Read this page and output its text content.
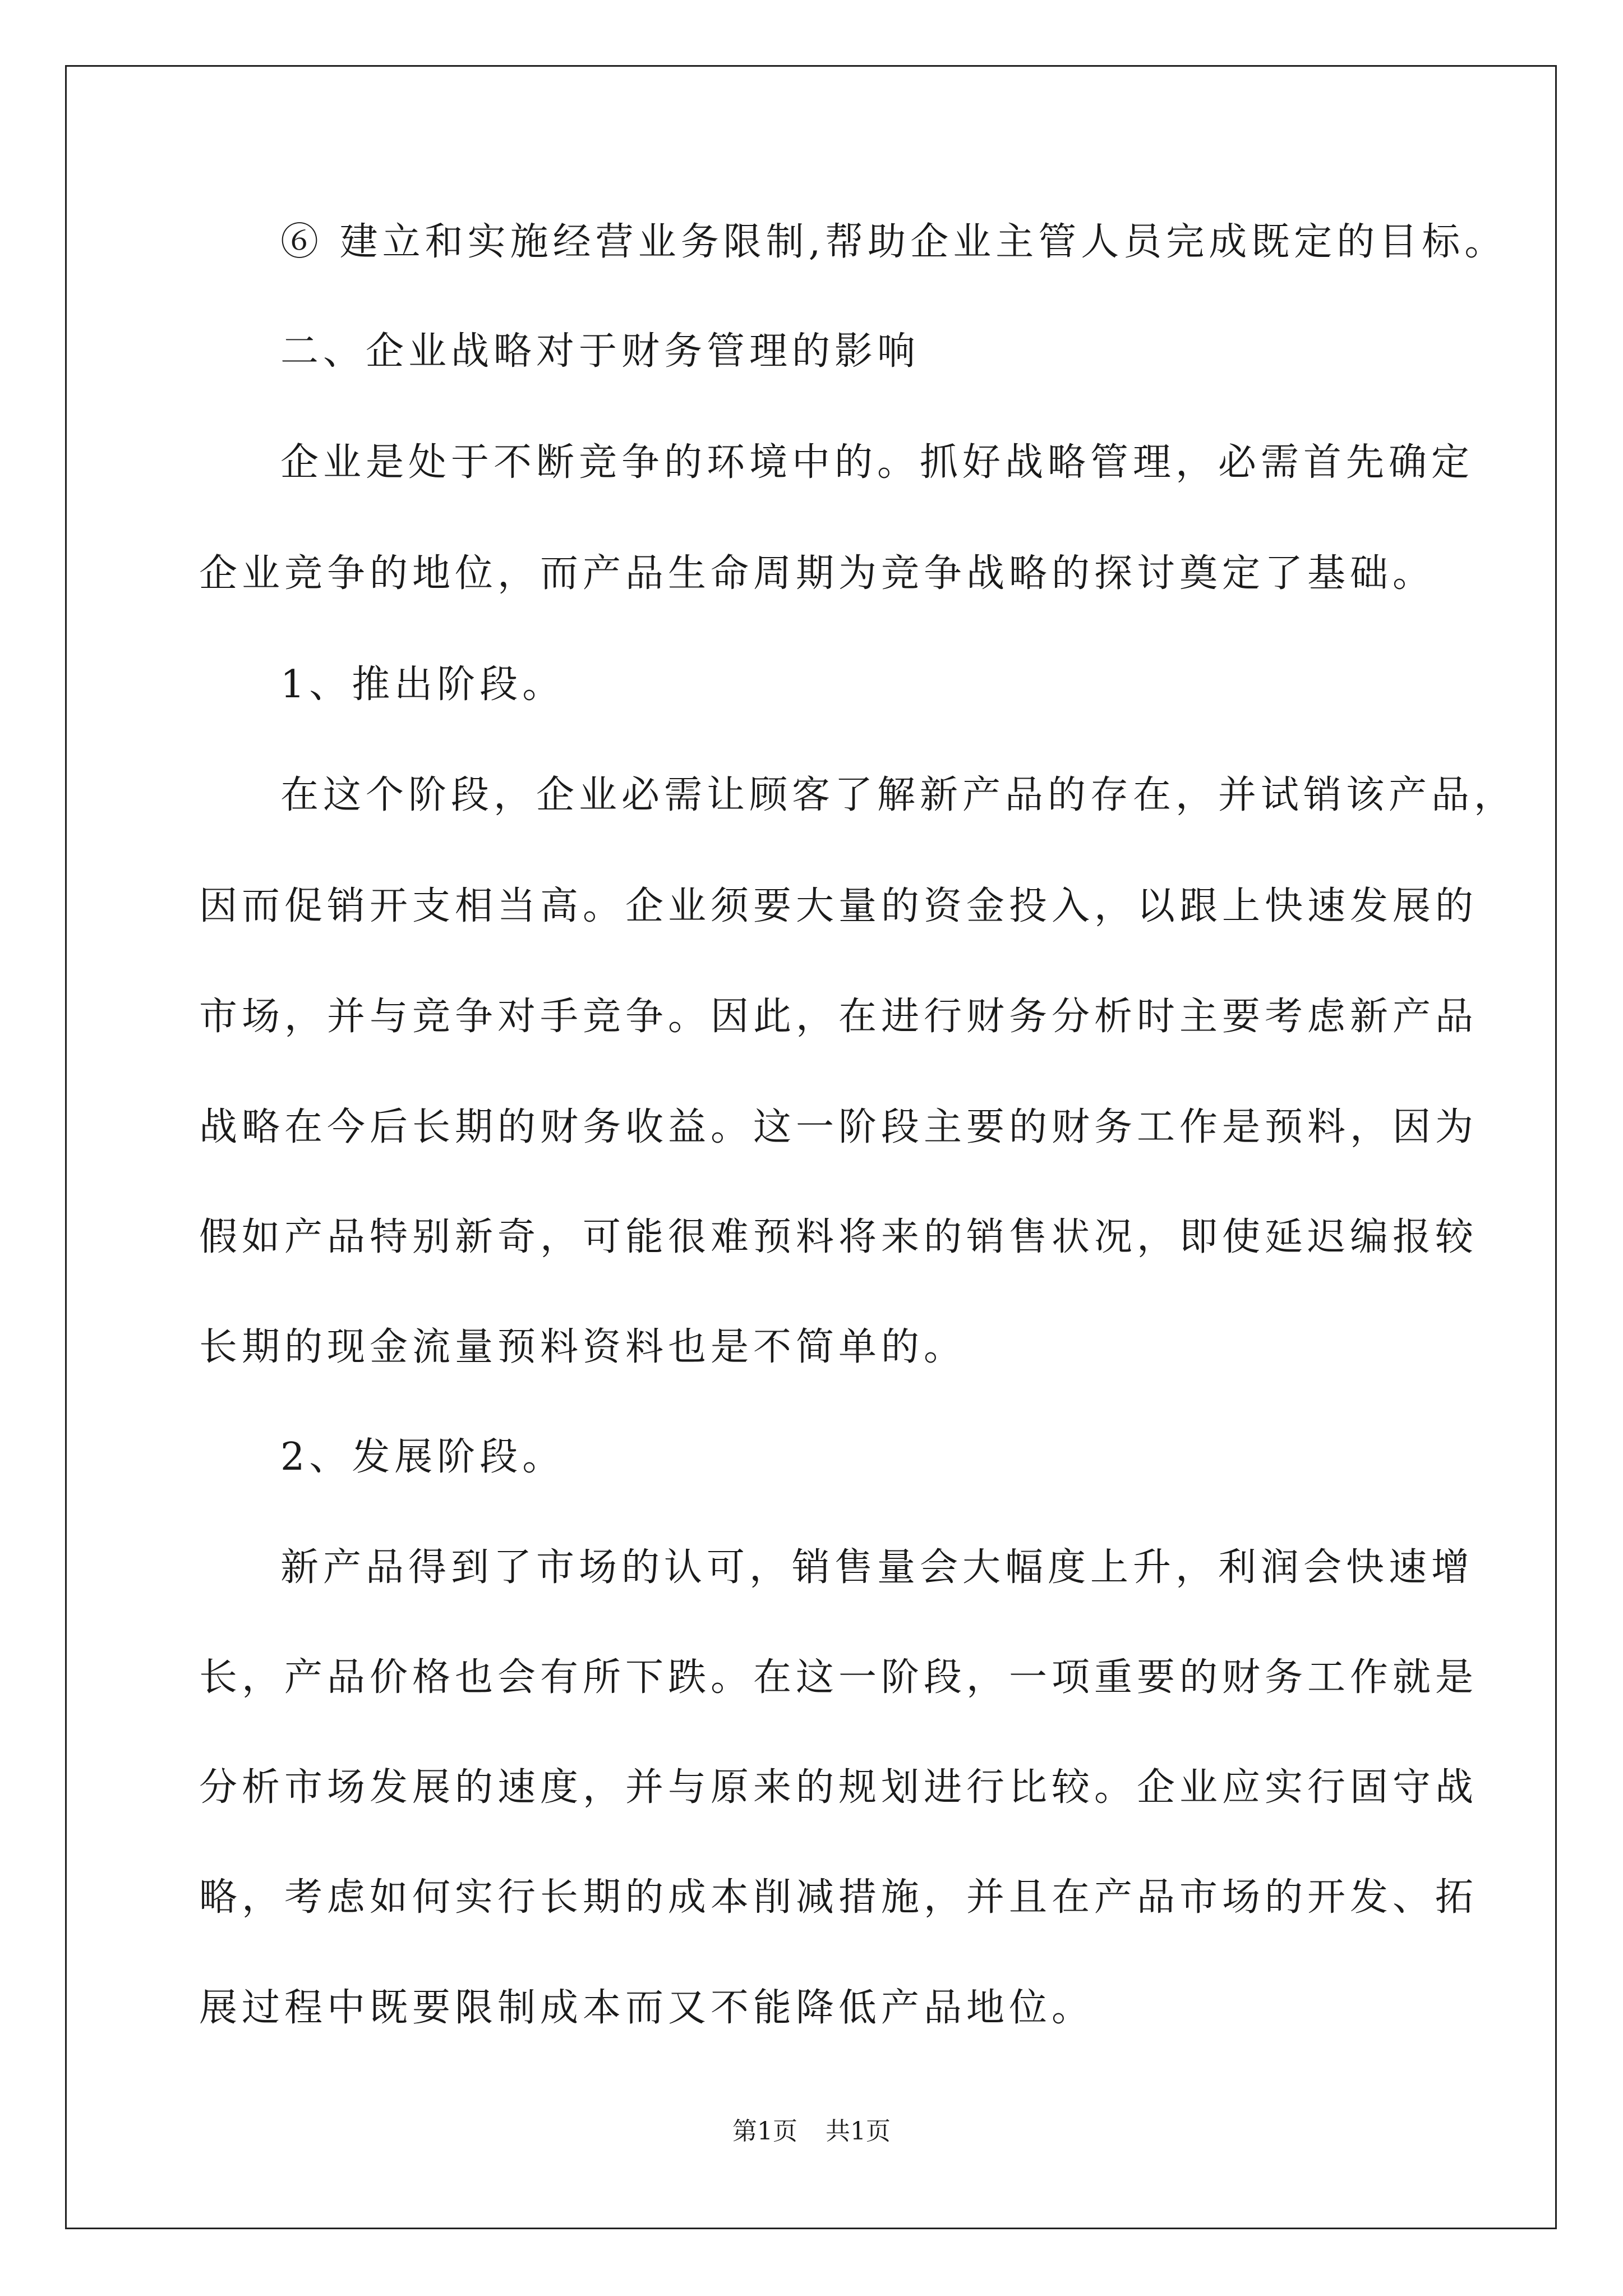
⑥ 建立和实施经营业务限制,帮助企业主管人员完成既定的目标。
二、企业战略对于财务管理的影响
企业是处于不断竞争的环境中的。抓好战略管理，必需首先确定
企业竞争的地位，而产品生命周期为竞争战略的探讨奠定了基础。
1、推出阶段。
在这个阶段，企业必需让顾客了解新产品的存在，并试销该产品，
因而促销开支相当高。企业须要大量的资金投入，以跟上快速发展的
市场，并与竞争对手竞争。因此，在进行财务分析时主要考虑新产品
战略在今后长期的财务收益。这一阶段主要的财务工作是预料，因为
假如产品特别新奇，可能很难预料将来的销售状况，即使延迟编报较
长期的现金流量预料资料也是不简单的。
2、发展阶段。
新产品得到了市场的认可，销售量会大幅度上升，利润会快速增
长，产品价格也会有所下跌。在这一阶段，一项重要的财务工作就是
分析市场发展的速度，并与原来的规划进行比较。企业应实行固守战
略，考虑如何实行长期的成本削减措施，并且在产品市场的开发、拓
展过程中既要限制成本而又不能降低产品地位。
第1页 共1页
